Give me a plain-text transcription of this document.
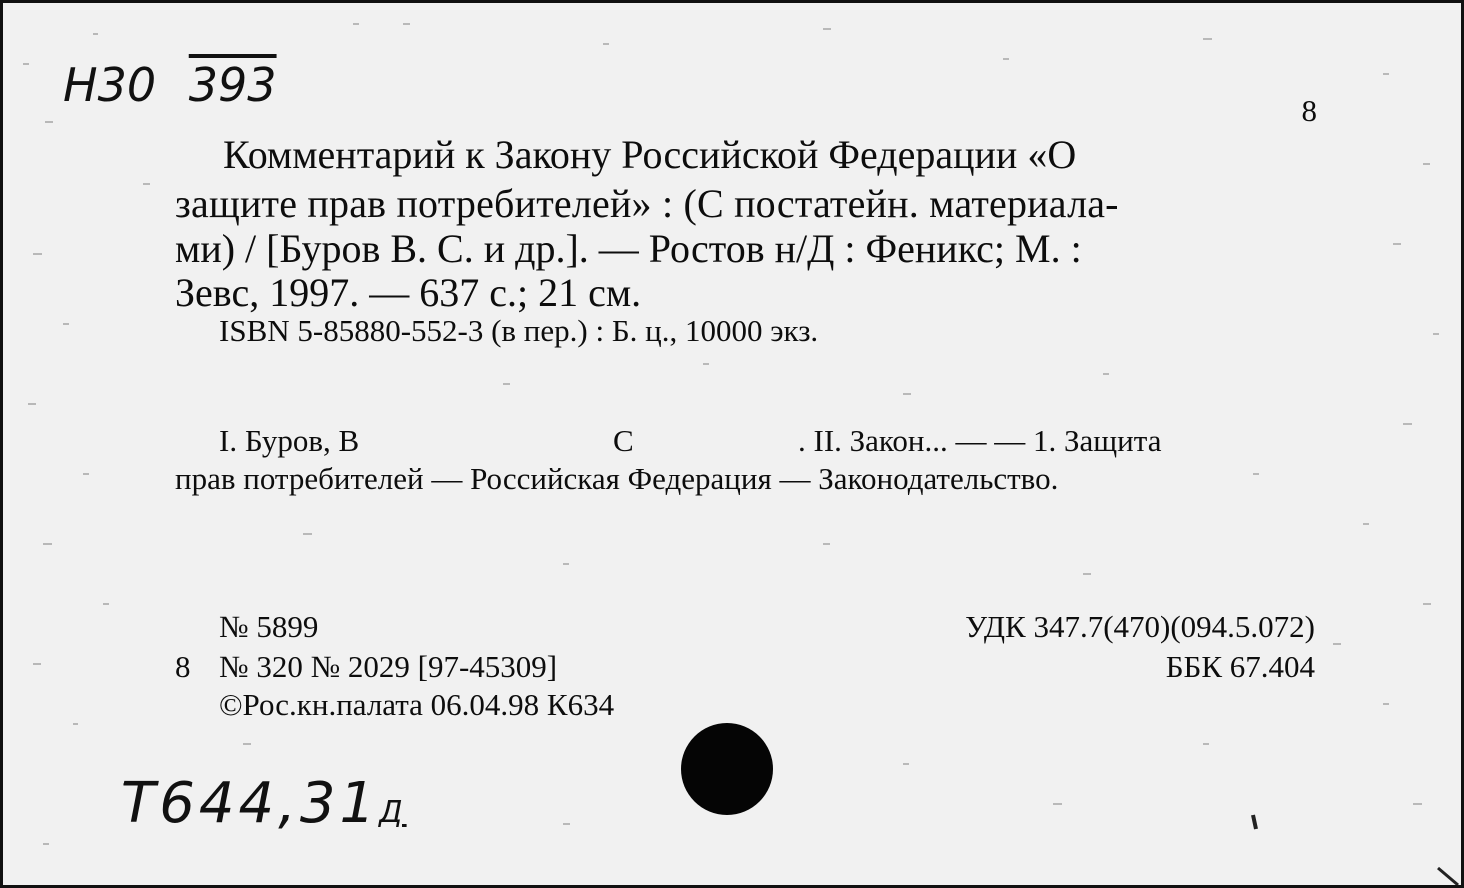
Н30 393	8
Комментарий к Закону Российской Федерации «О
защите прав потребителей» : (С постатейн. материала-
ми) / [Буров В. С. и др.]. — Ростов н/Д : Феникс; М. :
Зевс, 1997. — 637 с.; 21 см.
ISBN 5-85880-552-3 (в пер.) : Б. ц., 10000 экз.
I. Буров, В	С	. II. Закон... — — 1. Защита
прав потребителей — Российская Федерация — Законодательство.
№ 5899
8 № 320 № 2029 [97-45309]
©Рос.кн.палата 06.04.98 К634
УДК 347.7(470)(094.5.072)
ББК 67.404
Т644,31Д
